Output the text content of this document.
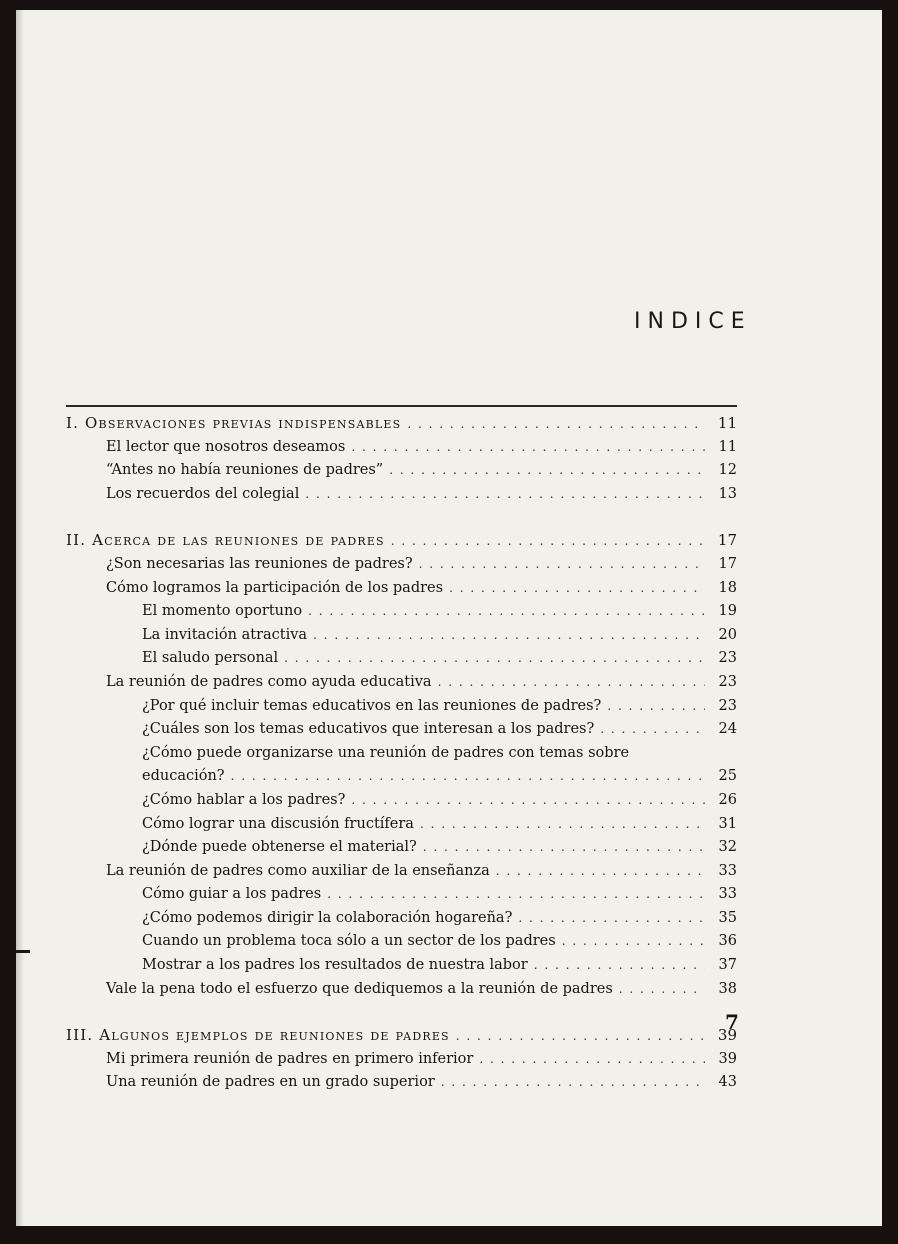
INDICE
I. Observaciones previas indispensables . . .	11
El lector que nosotros deseamos . . .	11
“Antes no había reuniones de padres” . . .	12
Los recuerdos del colegial . . .	13
II. Acerca de las reuniones de padres . . .	17
¿Son necesarias las reuniones de padres? . . .	17
Cómo logramos la participación de los padres . . .	18
El momento oportuno . . .	19
La invitación atractiva . . .	20
El saludo personal . . .	23
La reunión de padres como ayuda educativa . . .	23
¿Por qué incluir temas educativos en las reuniones de padres? . . .	23
¿Cuáles son los temas educativos que interesan a los padres? . . .	24
¿Cómo puede organizarse una reunión de padres con temas sobre
educación? . . .	25
¿Cómo hablar a los padres? . . .	26
Cómo lograr una discusión fructífera . . .	31
¿Dónde puede obtenerse el material? . . .	32
La reunión de padres como auxiliar de la enseñanza . . .	33
Cómo guiar a los padres . . .	33
¿Cómo podemos dirigir la colaboración hogareña? . . .	35
Cuando un problema toca sólo a un sector de los padres . . .	36
Mostrar a los padres los resultados de nuestra labor . . .	37
Vale la pena todo el esfuerzo que dediquemos a la reunión de padres . . .	38
III. Algunos ejemplos de reuniones de padres . . .	39
Mi primera reunión de padres en primero inferior . . .	39
Una reunión de padres en un grado superior . . .	43
7
